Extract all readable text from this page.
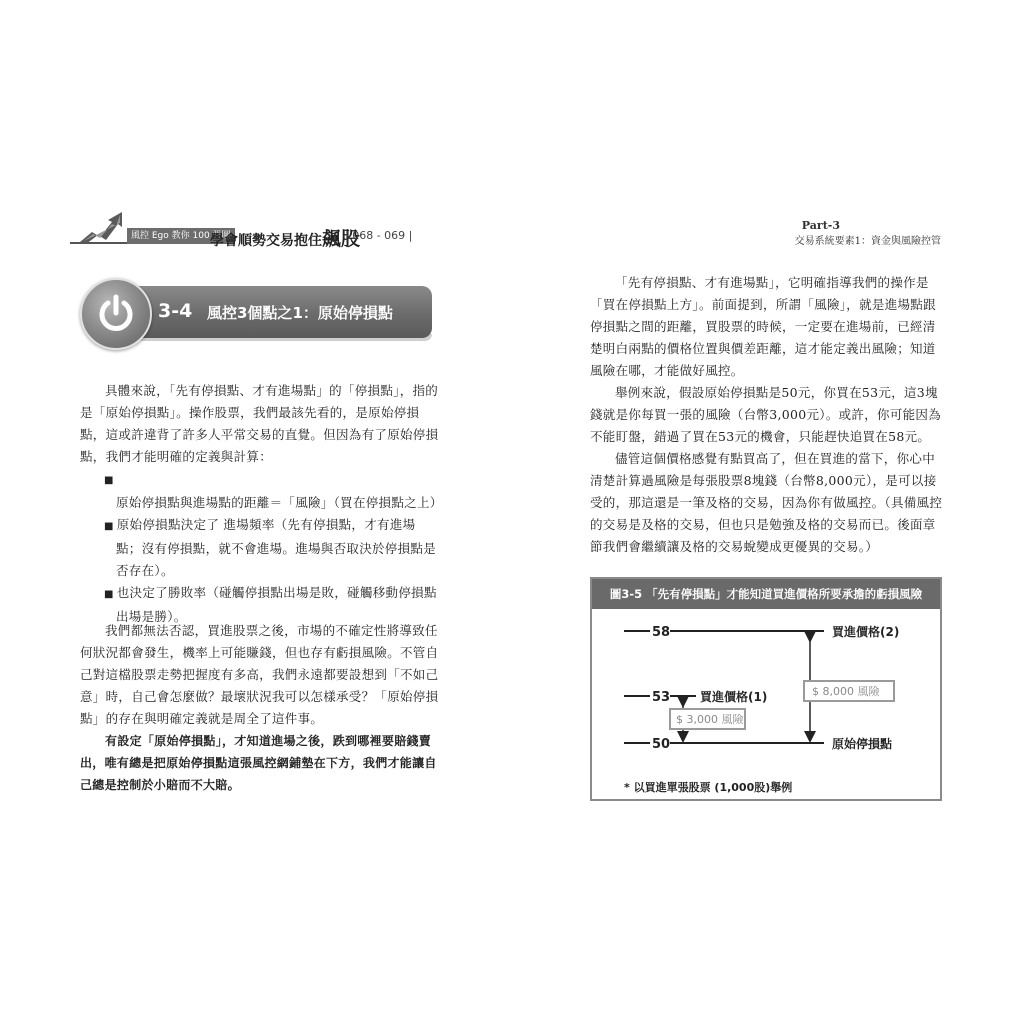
風控 Ego 教你 100 張圖
學會順勢交易抱住飆股
| 068 - 069 |
Part-3
交易系統要素1：資金與風險控管
3-4 風控3個點之1：原始停損點

具體來說，「先有停損點、才有進場點」的「停損點」，指的是「原始停損點」。操作股票，我們最該先看的，是原始停損點，這或許違背了許多人平常交易的直覺。但因為有了原始停損點，我們才能明確的定義與計算：

■ 原始停損點與進場點的距離＝「風險」（買在停損點之上）
■ 原始停損點決定了 進場頻率（先有停損點，才有進場點；沒有停損點，就不會進場。進場與否取決於停損點是否存在）。
■ 也決定了勝敗率（碰觸停損點出場是敗，碰觸移動停損點出場是勝）。

我們都無法否認，買進股票之後，市場的不確定性將導致任何狀況都會發生，機率上可能賺錢，但也存有虧損風險。不管自己對這檔股票走勢把握度有多高，我們永遠都要設想到「不如己意」時，自己會怎麼做？最壞狀況我可以怎樣承受？「原始停損點」的存在與明確定義就是周全了這件事。

有設定「原始停損點」，才知道進場之後，跌到哪裡要賠錢賣出，唯有總是把原始停損點這張風控網鋪墊在下方，我們才能讓自己總是控制於小賠而不大賠。

「先有停損點、才有進場點」，它明確指導我們的操作是「買在停損點上方」。前面提到，所謂「風險」，就是進場點跟停損點之間的距離，買股票的時候，一定要在進場前，已經清楚明白兩點的價格位置與價差距離，這才能定義出風險；知道風險在哪，才能做好風控。

舉例來說，假設原始停損點是50元，你買在53元，這3塊錢就是你每買一張的風險（台幣3,000元）。或許，你可能因為不能盯盤，錯過了買在53元的機會，只能趕快追買在58元。

儘管這個價格感覺有點買高了，但在買進的當下，你心中清楚計算過風險是每張股票8塊錢（台幣8,000元），是可以接受的，那這還是一筆及格的交易，因為你有做風控。（具備風控的交易是及格的交易，但也只是勉強及格的交易而已。後面章節我們會繼續讓及格的交易蛻變成更優異的交易。）

圖3-5 「先有停損點」才能知道買進價格所要承擔的虧損風險
58	買進價格(2)
53 買進價格(1)
50	原始停損點
$ 8,000 風險
$ 3,000 風險
* 以買進單張股票 (1,000股)舉例
